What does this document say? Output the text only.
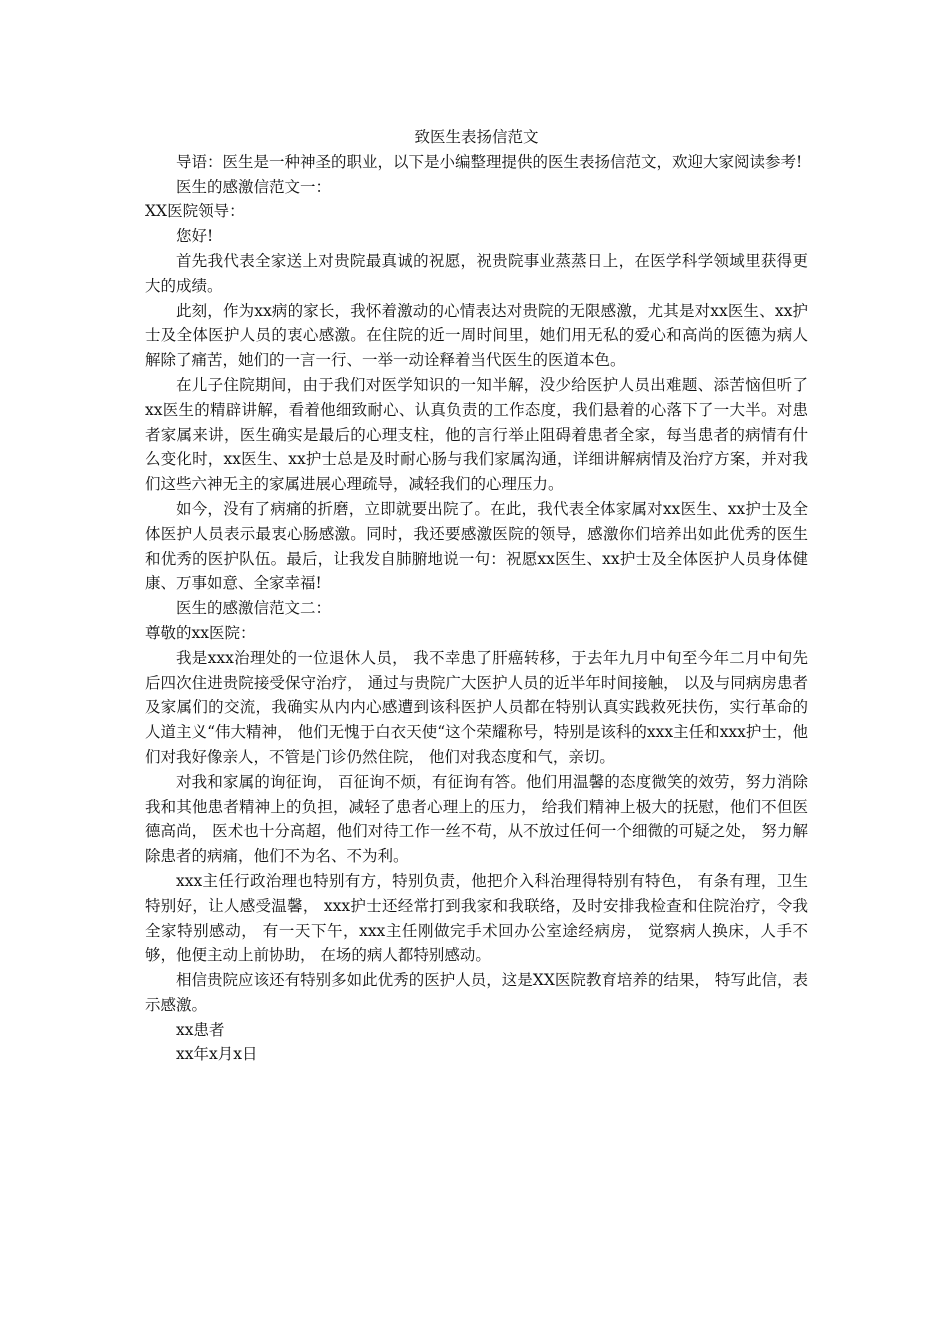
致医生表扬信范文

导语：医生是一种神圣的职业，以下是小编整理提供的医生表扬信范文，欢迎大家阅读参考!

医生的感激信范文一：

XX医院领导：

您好!

首先我代表全家送上对贵院最真诚的祝愿，祝贵院事业蒸蒸日上，在医学科学领域里获得更大的成绩。

此刻，作为xx病的家长，我怀着激动的心情表达对贵院的无限感激，尤其是对xx医生、xx护士及全体医护人员的衷心感激。在住院的近一周时间里，她们用无私的爱心和高尚的医德为病人解除了痛苦，她们的一言一行、一举一动诠释着当代医生的医道本色。

在儿子住院期间，由于我们对医学知识的一知半解，没少给医护人员出难题、添苦恼但听了xx医生的精辟讲解，看着他细致耐心、认真负责的工作态度，我们悬着的心落下了一大半。对患者家属来讲，医生确实是最后的心理支柱，他的言行举止阻碍着患者全家，每当患者的病情有什么变化时，xx医生、xx护士总是及时耐心肠与我们家属沟通，详细讲解病情及治疗方案，并对我们这些六神无主的家属进展心理疏导，减轻我们的心理压力。

如今，没有了病痛的折磨，立即就要出院了。在此，我代表全体家属对xx医生、xx护士及全体医护人员表示最衷心肠感激。同时，我还要感激医院的领导，感激你们培养出如此优秀的医生和优秀的医护队伍。最后，让我发自肺腑地说一句：祝愿xx医生、xx护士及全体医护人员身体健康、万事如意、全家幸福!

医生的感激信范文二：

尊敬的xx医院：

我是xxx治理处的一位退休人员， 我不幸患了肝癌转移，于去年九月中旬至今年二月中旬先后四次住进贵院接受保守治疗， 通过与贵院广大医护人员的近半年时间接触， 以及与同病房患者及家属们的交流，我确实从内内心感遭到该科医护人员都在特别认真实践救死扶伤，实行革命的人道主义“伟大精神， 他们无愧于白衣天使“这个荣耀称号，特别是该科的xxx主任和xxx护士，他们对我好像亲人，不管是门诊仍然住院， 他们对我态度和气，亲切。

对我和家属的询征询， 百征询不烦，有征询有答。他们用温馨的态度微笑的效劳，努力消除我和其他患者精神上的负担，减轻了患者心理上的压力， 给我们精神上极大的抚慰，他们不但医德高尚， 医术也十分高超，他们对待工作一丝不苟，从不放过任何一个细微的可疑之处， 努力解除患者的病痛，他们不为名、不为利。

xxx主任行政治理也特别有方，特别负责，他把介入科治理得特别有特色， 有条有理，卫生特别好，让人感受温馨， xxx护士还经常打到我家和我联络，及时安排我检查和住院治疗，令我全家特别感动， 有一天下午，xxx主任刚做完手术回办公室途经病房， 觉察病人换床，人手不够，他便主动上前协助， 在场的病人都特别感动。

相信贵院应该还有特别多如此优秀的医护人员，这是XX医院教育培养的结果， 特写此信，表示感激。

xx患者

xx年x月x日
